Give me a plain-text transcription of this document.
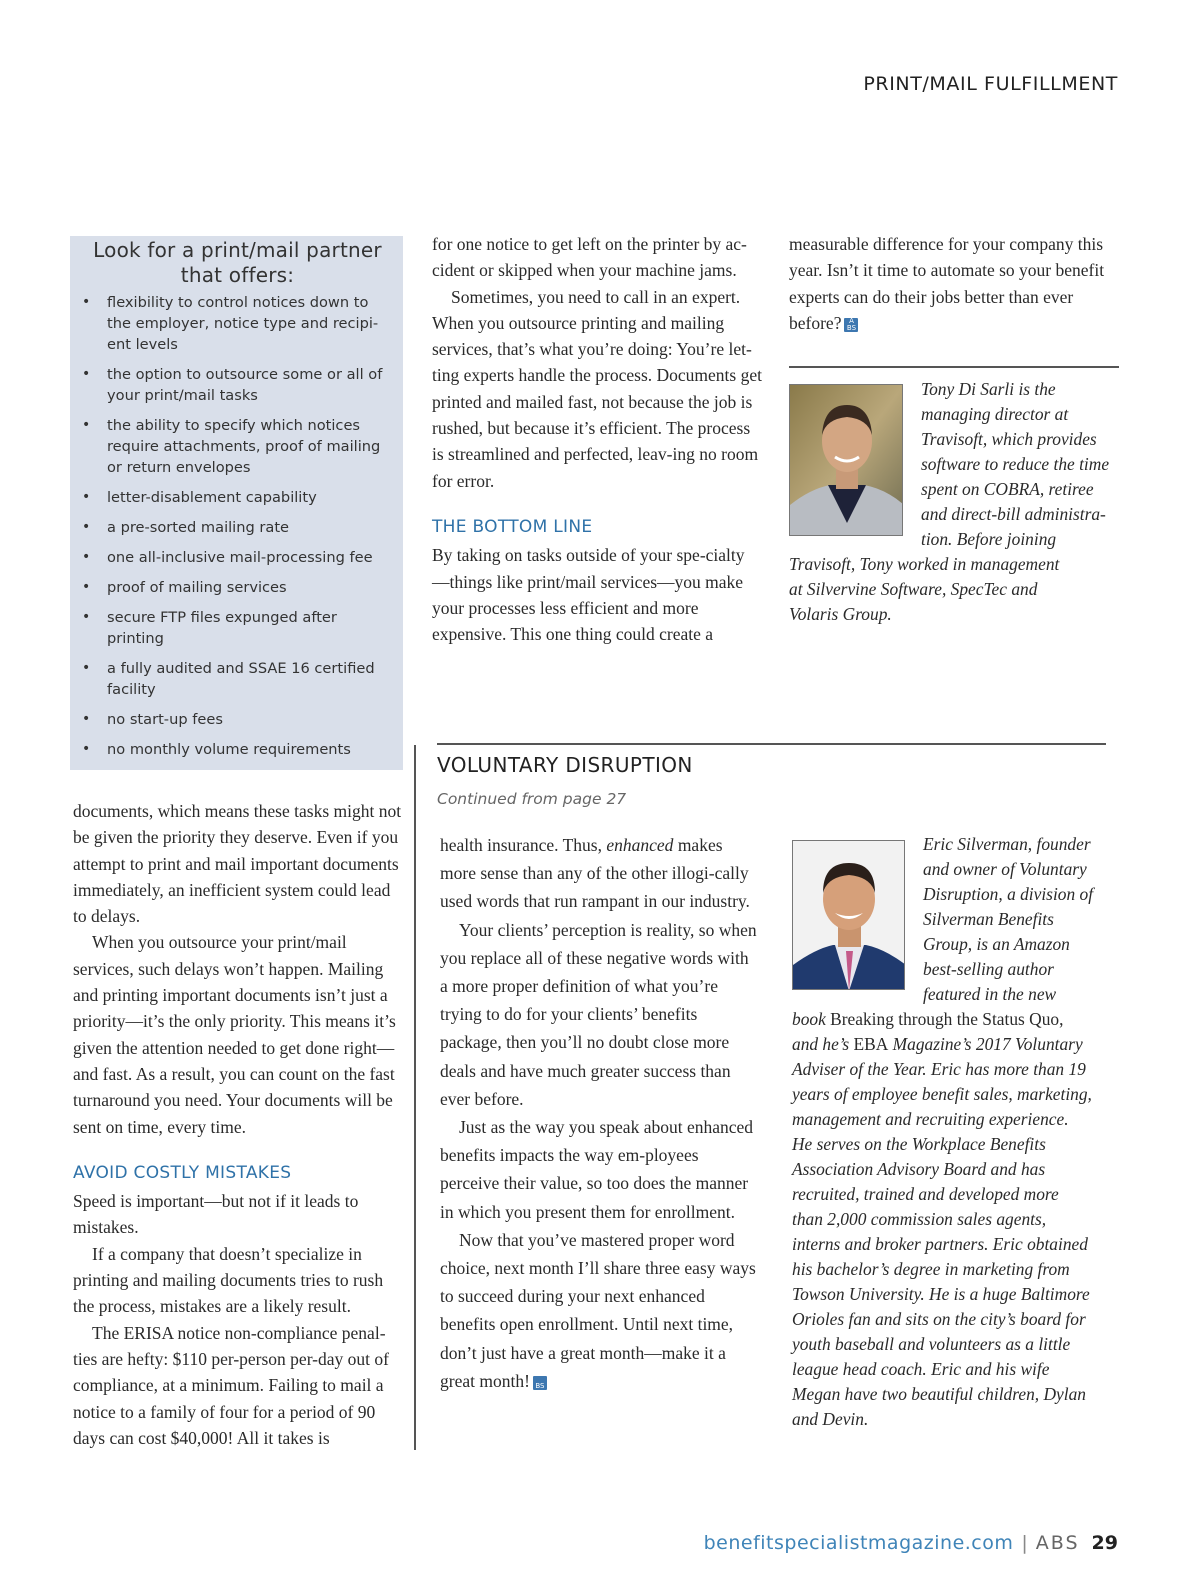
PRINT/MAIL FULFILLMENT
Look for a print/mail partner that offers:
• flexibility to control notices down to the employer, notice type and recipi-ent levels
• the option to outsource some or all of your print/mail tasks
• the ability to specify which notices require attachments, proof of mailing or return envelopes
• letter-disablement capability
• a pre-sorted mailing rate
• one all-inclusive mail-processing fee
• proof of mailing services
• secure FTP files expunged after printing
• a fully audited and SSAE 16 certified facility
• no start-up fees
• no monthly volume requirements

documents, which means these tasks might not be given the priority they deserve. Even if you attempt to print and mail important documents immediately, an inefficient system could lead to delays.

When you outsource your print/mail services, such delays won’t happen. Mailing and printing important documents isn’t just a priority—it’s the only priority. This means it’s given the attention needed to get done right—and fast. As a result, you can count on the fast turnaround you need. Your documents will be sent on time, every time.

AVOID COSTLY MISTAKES

Speed is important—but not if it leads to mistakes.

If a company that doesn’t specialize in printing and mailing documents tries to rush the process, mistakes are a likely result.

The ERISA notice non-compliance penal-ties are hefty: $110 per-person per-day out of compliance, at a minimum. Failing to mail a notice to a family of four for a period of 90 days can cost $40,000! All it takes is

for one notice to get left on the printer by ac-cident or skipped when your machine jams.

Sometimes, you need to call in an expert. When you outsource printing and mailing services, that’s what you’re doing: You’re let-ting experts handle the process. Documents get printed and mailed fast, not because the job is rushed, but because it’s efficient. The process is streamlined and perfected, leav-ing no room for error.

THE BOTTOM LINE

By taking on tasks outside of your spe-cialty—things like print/mail services—you make your processes less efficient and more expensive. This one thing could create a

measurable difference for your company this year. Isn’t it time to automate so your benefit experts can do their jobs better than ever before? A
BS

Tony Di Sarli is the
managing director at
Travisoft, which provides
software to reduce the time
spent on COBRA, retiree
and direct-bill administra-
tion. Before joining
Travisoft, Tony worked in management
at Silvervine Software, SpecTec and
Volaris Group.
VOLUNTARY DISRUPTION
Continued from page 27

health insurance. Thus, enhanced makes more sense than any of the other illogi-cally used words that run rampant in our industry.

Your clients’ perception is reality, so when you replace all of these negative words with a more proper definition of what you’re trying to do for your clients’ benefits package, then you’ll no doubt close more deals and have much greater success than ever before.

Just as the way you speak about enhanced benefits impacts the way em-ployees perceive their value, so too does the manner in which you present them for enrollment.

Now that you’ve mastered proper word choice, next month I’ll share three easy ways to succeed during your next enhanced benefits open enrollment. Until next time, don’t just have a great month—make it a great month!	A
BS

Eric Silverman, founder
and owner of Voluntary
Disruption, a division of
Silverman Benefits
Group, is an Amazon
best-selling author
featured in the new
book Breaking through the Status Quo,
and he’s EBA Magazine’s 2017 Voluntary
Adviser of the Year. Eric has more than 19
years of employee benefit sales, marketing,
management and recruiting experience.
He serves on the Workplace Benefits
Association Advisory Board and has
recruited, trained and developed more
than 2,000 commission sales agents,
interns and broker partners. Eric obtained
his bachelor’s degree in marketing from
Towson University. He is a huge Baltimore
Orioles fan and sits on the city’s board for
youth baseball and volunteers as a little
league head coach. Eric and his wife
Megan have two beautiful children, Dylan
and Devin.
benefitspecialistmagazine.com | ABS 29
